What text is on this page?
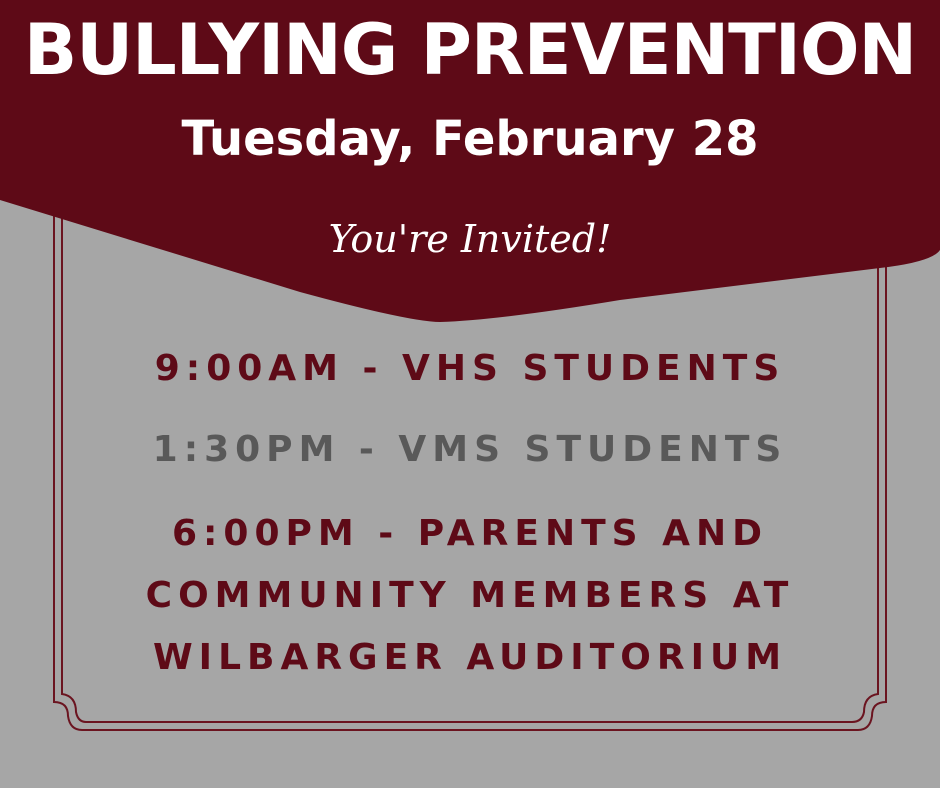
BULLYING PREVENTION
Tuesday, February 28

You're Invited!

9:00AM - VHS STUDENTS

1:30PM - VMS STUDENTS

6:00PM - PARENTS AND COMMUNITY MEMBERS AT WILBARGER AUDITORIUM
